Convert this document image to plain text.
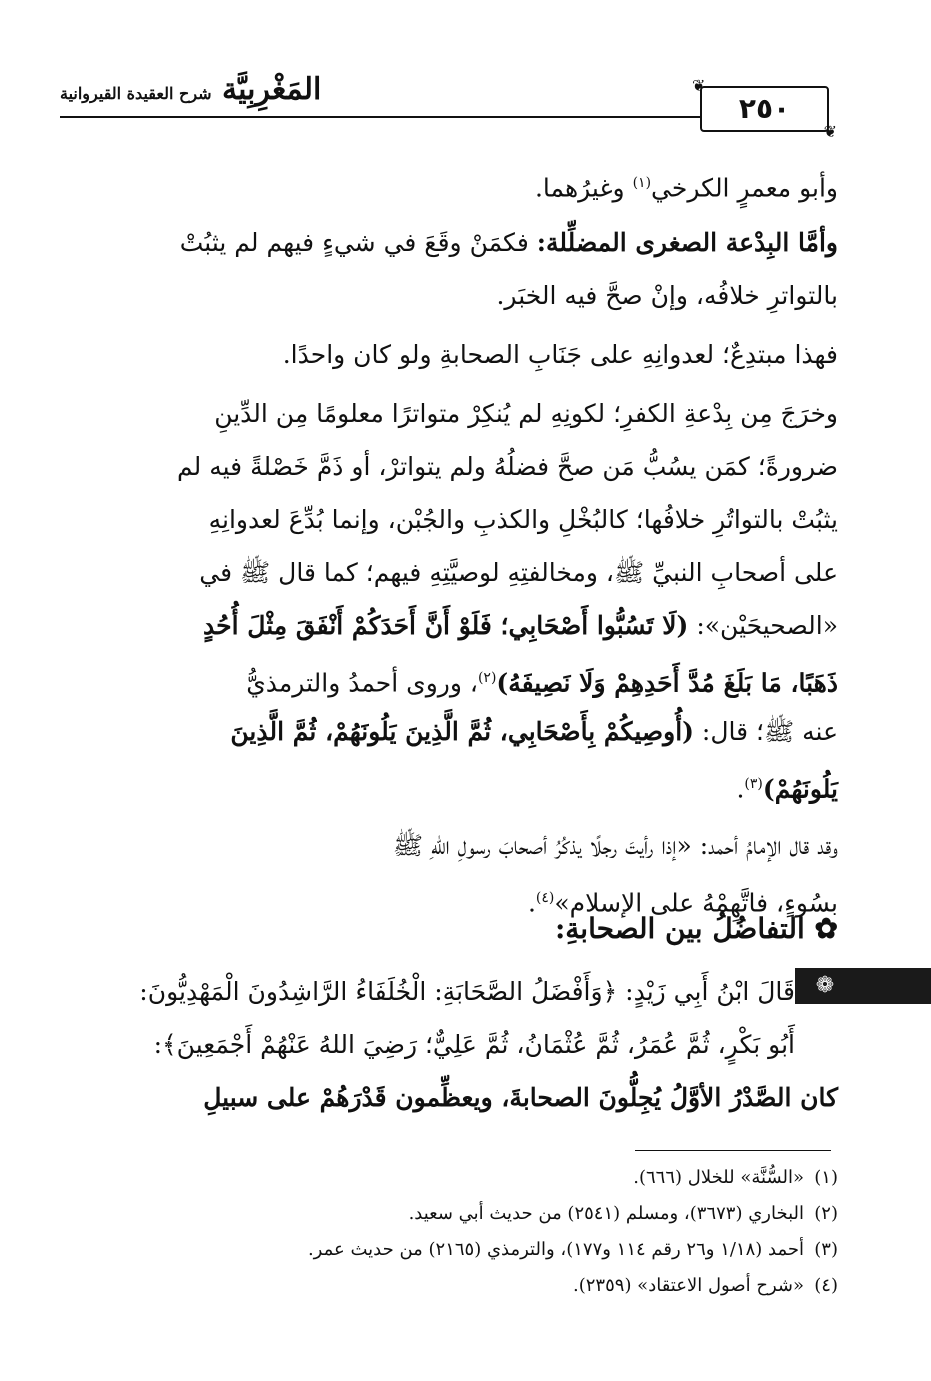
المَغْرِبِيَّة شرح العقيدة القيروانية	❦
❦
٢٥٠
وأبو معمرٍ الكرخي$^{(١)}$ وغيرُهما.
وأمَّا البِدْعة الصغرى المضلِّلة: فكمَنْ وقَعَ في شيءٍ فيهم لم يثبُتْ
بالتواترِ خلافُه، وإنْ صحَّ فيه الخبَر.
فهذا مبتدِعٌ؛ لعدوانِهِ على جَنَابِ الصحابةِ ولو كان واحدًا.
وخرَجَ مِن بِدْعةِ الكفرِ؛ لكونِهِ لم يُنكِرْ متواترًا معلومًا مِن الدِّينِ
ضرورةً؛ كمَن يسُبُّ مَن صحَّ فضلُهُ ولم يتواترْ، أو ذَمَّ خَصْلةً فيه لم
يثبُتْ بالتواتُرِ خلافُها؛ كالبُخْلِ والكذبِ والجُبْن، وإنما بُدِّعَ لعدوانِهِ
على أصحابِ النبيِّ ﷺ، ومخالفتِهِ لوصيَّتِهِ فيهم؛ كما قال ﷺ في
«الصحيحَيْن»: (لَا تَسُبُّوا أَصْحَابِي؛ فَلَوْ أَنَّ أَحَدَكُمْ أَنْفَقَ مِثْلَ أُحُدٍ
ذَهَبًا، مَا بَلَغَ مُدَّ أَحَدِهِمْ وَلَا نَصِيفَهُ)$^{(٢)}$، وروى أحمدُ والترمذيُّ
عنه ﷺ؛ قال: (أُوصِيكُمْ بِأَصْحَابِي، ثُمَّ الَّذِينَ يَلُونَهُمْ، ثُمَّ الَّذِينَ
يَلُونَهُمْ)$^{(٣)}$.
وقد قال الإمامُ أحمد: «إذا رأيتَ رجلًا يذكُرُ أصحابَ رسولِ اللهِ ﷺ
بسُوءٍ، فاتَّهِمْهُ على الإسلام»$^{(٤)}$.
✿ التفاضُلُ بين الصحابةِ:
❁
قَالَ ابْنُ أَبِي زَيْدٍ: ﴿وَأَفْضَلُ الصَّحَابَةِ: الْخُلَفَاءُ الرَّاشِدُونَ الْمَهْدِيُّونَ:
أَبُو بَكْرٍ، ثُمَّ عُمَرُ، ثُمَّ عُثْمَانُ، ثُمَّ عَلِيٌّ؛ رَضِيَ اللهُ عَنْهُمْ أَجْمَعِينَ﴾:
كان الصَّدْرُ الأوَّلُ يُجِلُّونَ الصحابةَ، ويعظِّمون قَدْرَهُمْ على سبيلِ
(١)«السُّنَّة» للخلال (٦٦٦).
(٢)البخاري (٣٦٧٣)، ومسلم (٢٥٤١) من حديث أبي سعيد.
(٣)أحمد (١/١٨ و٢٦ رقم ١١٤ و١٧٧)، والترمذي (٢١٦٥) من حديث عمر.
(٤)«شرح أصول الاعتقاد» (٢٣٥٩).
